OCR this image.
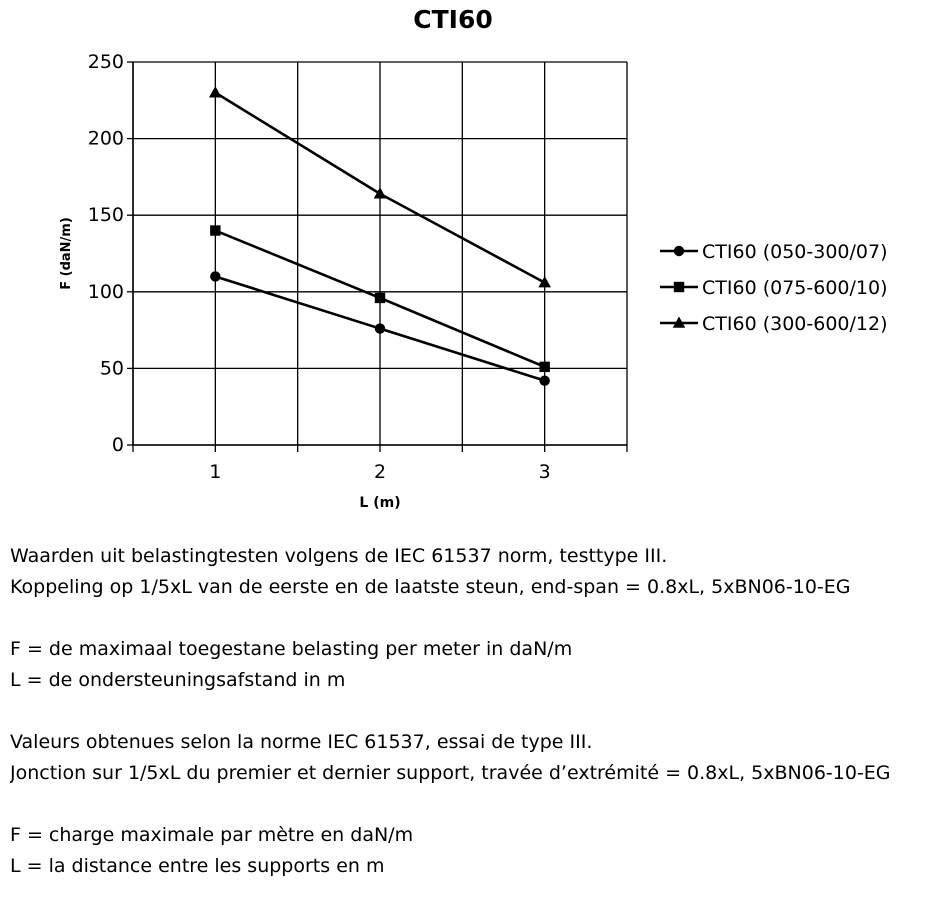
CTI60
0
50
100
150
200
250
1	2	3
L (m)
F (daN/m)	CTI60 (050-300/07)
CTI60 (075-600/10)
CTI60 (300-600/12)
Waarden uit belastingtesten volgens de IEC 61537 norm, testtype III.
Koppeling op 1/5xL van de eerste en de laatste steun, end-span = 0.8xL, 5xBN06-10-EG
F = de maximaal toegestane belasting per meter in daN/m
L = de ondersteuningsafstand in m
Valeurs obtenues selon la norme IEC 61537, essai de type III.
Jonction sur 1/5xL du premier et dernier support, travée d’extrémité = 0.8xL, 5xBN06-10-EG
F = charge maximale par mètre en daN/m
L = la distance entre les supports en m
